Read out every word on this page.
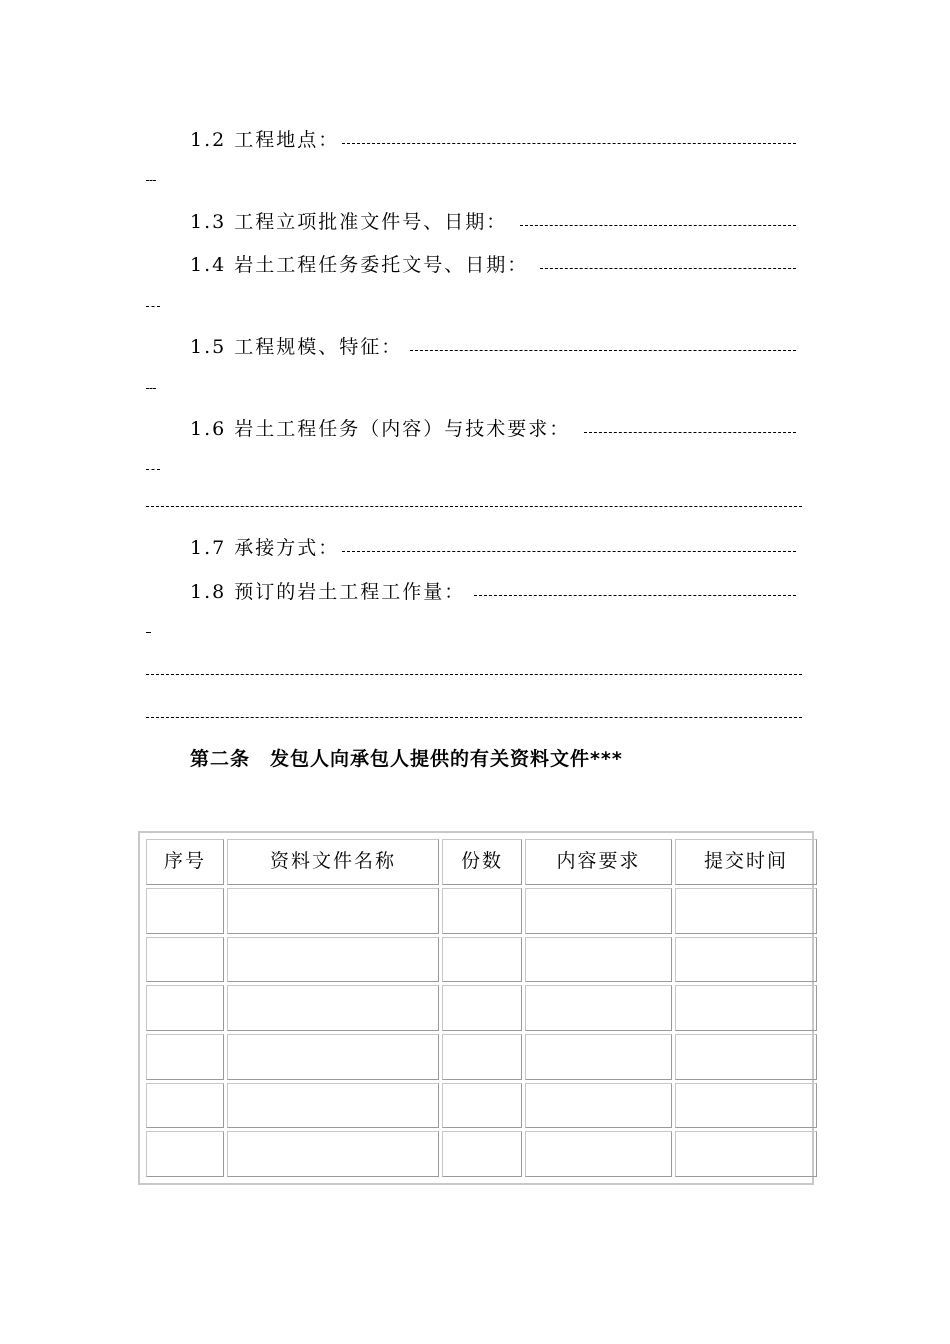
1.2 工程地点：
1.3 工程立项批准文件号、日期：
1.4 岩土工程任务委托文号、日期：
1.5 工程规模、特征：
1.6 岩土工程任务（内容）与技术要求：
1.7 承接方式：
1.8 预订的岩土工程工作量：
第二条　发包人向承包人提供的有关资料文件***
序号	资料文件名称	份数	内容要求	提交时间
